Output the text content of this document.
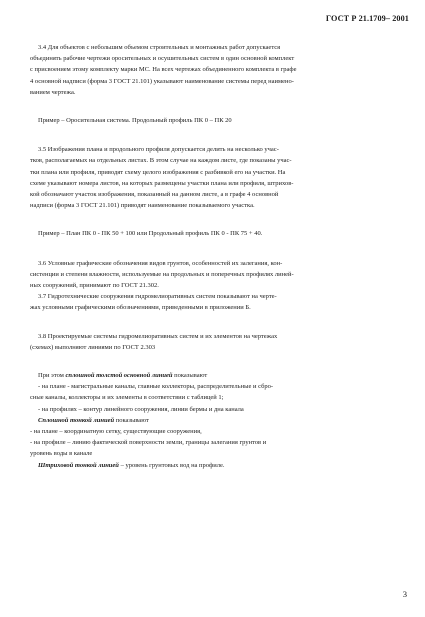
ГОСТ Р 21.1709– 2001
3.4 Для объектов с небольшим объемом строительных и монтажных работ допускается
объединять рабочие чертежи оросительных и осушительных систем в один основной комплект
с присвоением этому комплекту марки МС. На всех чертежах объединенного комплекта в графе
4 основной надписи (форма 3 ГОСТ 21.101) указывают наименование системы перед наимено-
ванием чертежа.
Пример – Оросительная система. Продольный профиль ПК 0 – ПК 20
3.5 Изображения плана и продольного профиля допускается делить на несколько учас-
тков, располагаемых на отдельных листах. В этом случае на каждом листе, где показаны учас-
тки плана или профиля, приводят схему целого изображения с разбивкой его на участки. На
схеме указывают номера листов, на которых размещены участки плана или профиля, штрихов-
кой обозначают участок изображения, показанный на данном листе, а в графе 4 основной
надписи (форма 3 ГОСТ 21.101) приводят наименование показываемого участка.
Пример – План ПК 0 - ПК 50 + 100 или Продольный профиль ПК 0 - ПК 75 + 40.
3.6 Условные графические обозначения видов грунтов, особенностей их залегания, кон-
систенции и степени влажности, используемые на продольных и поперечных профилях линей-
ных сооружений, принимают по ГОСТ 21.302.
3.7 Гидротехнические сооружения гидромелиоративных систем показывают на черте-
жах условными графическими обозначениями, приведенными в приложении Б.
3.8 Проектируемые системы гидромелиоративных систем и их элементов на чертежах
(схемах) выполняют линиями по ГОСТ 2.303
При этом сплошной толстой основной линией показывают
- на плане - магистральные каналы, главные коллекторы, распределительные и сбро-
сные каналы, коллекторы и их элементы в соответствии с таблицей 1;
- на профилях – контур линейного сооружения, линии бермы и дна канала
Сплошной тонкой линией показывают
- на плане – координатную сетку, существующие сооружения,
- на профиле – линию фактической поверхности земли, границы залегания грунтов и
уровень воды в канале
Штриховой тонкой линией – уровень грунтовых вод на профиле.
3
